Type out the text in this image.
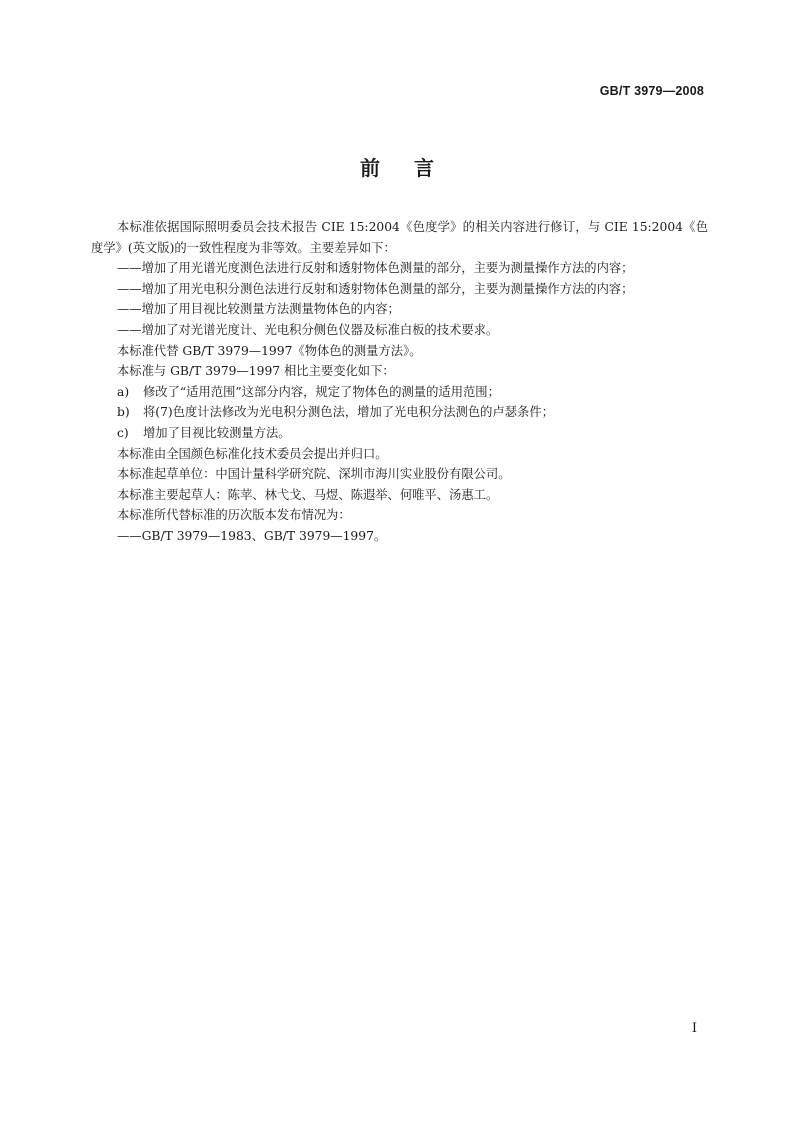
GB/T 3979—2008
前言

本标准依据国际照明委员会技术报告 CIE 15:2004《色度学》的相关内容进行修订，与 CIE 15:2004《色度学》(英文版)的一致性程度为非等效。主要差异如下：

——增加了用光谱光度测色法进行反射和透射物体色测量的部分，主要为测量操作方法的内容；

——增加了用光电积分测色法进行反射和透射物体色测量的部分，主要为测量操作方法的内容；

——增加了用目视比较测量方法测量物体色的内容；

——增加了对光谱光度计、光电积分侧色仪器及标准白板的技术要求。

本标准代替 GB/T 3979—1997《物体色的测量方法》。

本标准与 GB/T 3979—1997 相比主要变化如下：

a) 修改了“适用范围”这部分内容，规定了物体色的测量的适用范围；

b) 将(7)色度计法修改为光电积分测色法，增加了光电积分法测色的卢瑟条件；

c) 增加了目视比较测量方法。

本标准由全国颜色标准化技术委员会提出并归口。

本标准起草单位：中国计量科学研究院、深圳市海川实业股份有限公司。

本标准主要起草人：陈苹、林弋戈、马煜、陈遐举、何唯平、汤惠工。

本标准所代替标准的历次版本发布情况为：

——GB/T 3979—1983、GB/T 3979—1997。

I
